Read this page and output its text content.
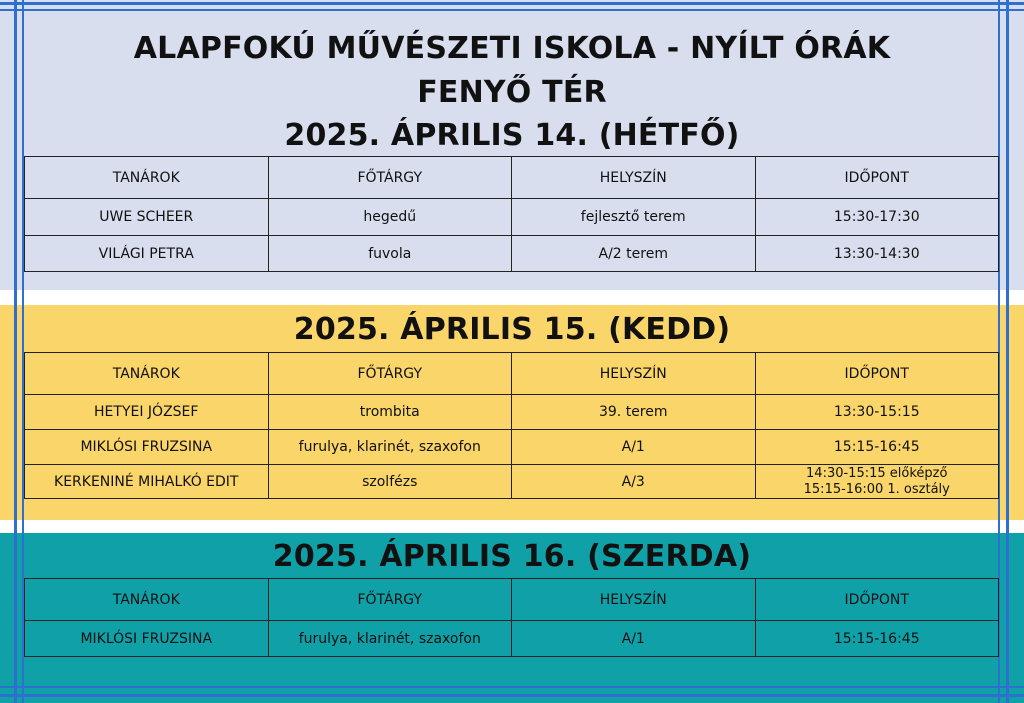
ALAPFOKÚ MŰVÉSZETI ISKOLA - NYÍLT ÓRÁK
FENYŐ TÉR
2025. ÁPRILIS 14. (HÉTFŐ)
TANÁROK	FŐTÁRGY	HELYSZÍN	IDŐPONT
UWE SCHEER	hegedű	fejlesztő terem	15:30-17:30
VILÁGI PETRA	fuvola	A/2 terem	13:30-14:30
2025. ÁPRILIS 15. (KEDD)
TANÁROK	FŐTÁRGY	HELYSZÍN	IDŐPONT
HETYEI JÓZSEF	trombita	39. terem	13:30-15:15
MIKLÓSI FRUZSINA	furulya, klarinét, szaxofon	A/1	15:15-16:45
KERKENINÉ MIHALKÓ EDIT	szolfézs	A/3	14:30-15:15 előképző
15:15-16:00 1. osztály
2025. ÁPRILIS 16. (SZERDA)
TANÁROK	FŐTÁRGY	HELYSZÍN	IDŐPONT
MIKLÓSI FRUZSINA	furulya, klarinét, szaxofon	A/1	15:15-16:45
